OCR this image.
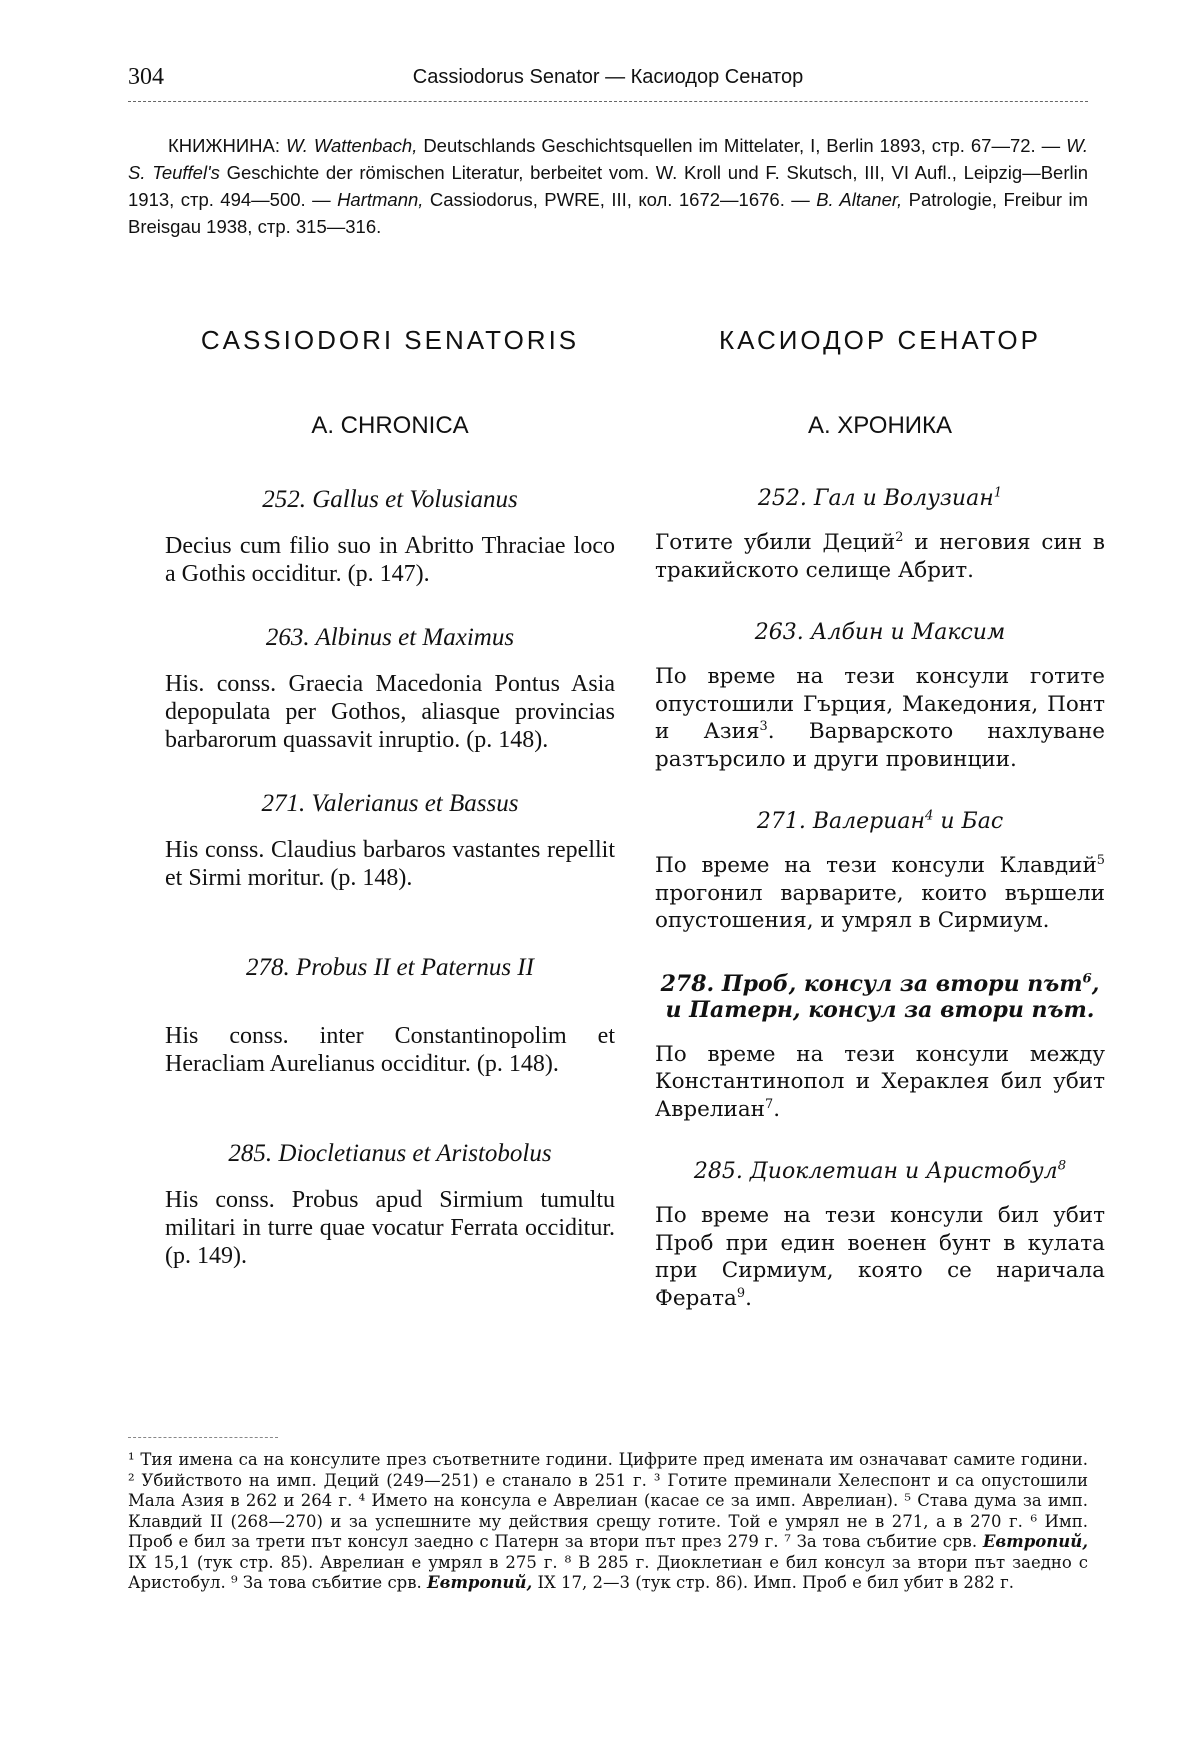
304	Cassiodorus Senator — Касиодор Сенатор
КНИЖНИНА: W. Wattenbach, Deutschlands Geschichtsquellen im Mittelater, I, Berlin 1893, стр. 67—72. — W. S. Teuffel's Geschichte der römischen Literatur, berbeitet vom. W. Kroll und F. Skutsch, III, VI Aufl., Leipzig—Berlin 1913, стр. 494—500. — Hartmann, Cassiodorus, PWRE, III, кол. 1672—1676. — B. Altaner, Patrologie, Freibur im Breisgau 1938, стр. 315—316.
CASSIODORI SENATORIS
A. CHRONICA
252. Gallus et Volusianus

Decius cum filio suo in Abritto Thraciae loco a Gothis occiditur. (p. 147).

263. Albinus et Maximus

His. conss. Graecia Macedonia Pontus Asia depopulata per Gothos, aliasque provincias barbarorum quassavit inruptio. (p. 148).

271. Valerianus et Bassus

His conss. Claudius barbaros vastantes repellit et Sirmi moritur. (p. 148).

278. Probus II et Paternus II

His conss. inter Constantinopolim et Heracliam Aurelianus occiditur. (p. 148).

285. Diocletianus et Aristobolus

His conss. Probus apud Sirmium tumultu militari in turre quae vocatur Ferrata occiditur. (p. 149).

КАСИОДОР СЕНАТОР
А. ХРОНИКА
252. Гал и Волузиан$^1$

Готите убили Деций$^2$ и неговия син в тракийското селище Абрит.

263. Албин и Максим

По време на тези консули готите опустошили Гърция, Македония, Понт и Азия$^3$. Варварското нахлуване разтърсило и други провинции.

271. Валериан$^4$ и Бас

По време на тези консули Клавдий$^5$ прогонил варварите, които вършели опустошения, и умрял в Сирмиум.

278. Проб, консул за втори път$^6$, и Патерн, консул за втори път.

По време на тези консули между Константинопол и Хераклея бил убит Аврелиан$^7$.

285. Диоклетиан и Аристобул$^8$

По време на тези консули бил убит Проб при един военен бунт в кулата при Сирмиум, която се наричала Ферата$^9$.

¹ Тия имена са на консулите през съответните години. Цифрите пред имената им означават самите години. ² Убийството на имп. Деций (249—251) е станало в 251 г. ³ Готите преминали Хелеспонт и са опустошили Мала Азия в 262 и 264 г. ⁴ Името на консула е Аврелиан (касае се за имп. Аврелиан). ⁵ Става дума за имп. Клавдий II (268—270) и за успешните му действия срещу готите. Той е умрял не в 271, а в 270 г. ⁶ Имп. Проб е бил за трети път консул заедно с Патерн за втори път през 279 г. ⁷ За това събитие срв. Евтропий, IX 15,1 (тук стр. 85). Аврелиан е умрял в 275 г. ⁸ В 285 г. Диоклетиан е бил консул за втори път заедно с Аристобул. ⁹ За това събитие срв. Евтропий, IX 17, 2—3 (тук стр. 86). Имп. Проб е бил убит в 282 г.
